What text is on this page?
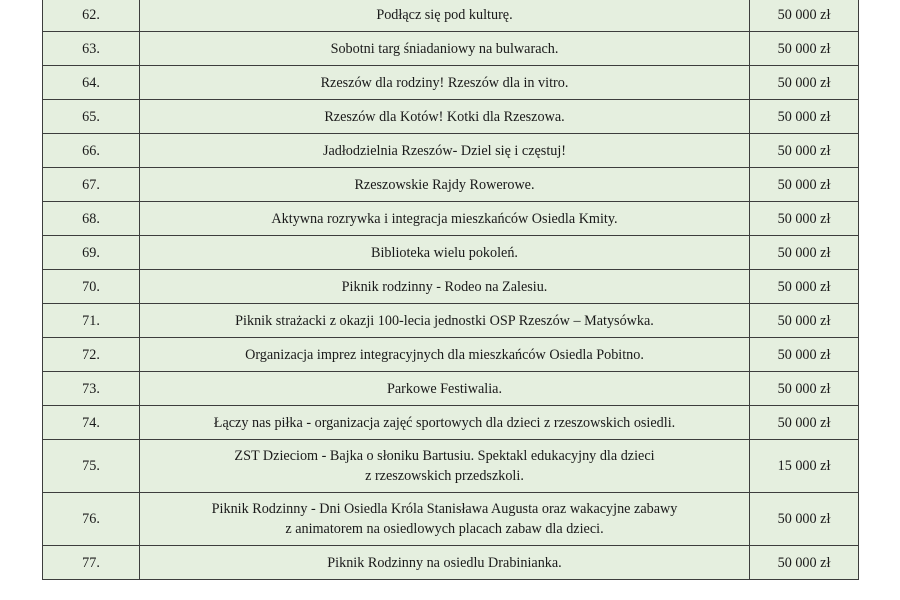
62.	Podłącz się pod kulturę.	50 000 zł
63.	Sobotni targ śniadaniowy na bulwarach.	50 000 zł
64.	Rzeszów dla rodziny! Rzeszów dla in vitro.	50 000 zł
65.	Rzeszów dla Kotów! Kotki dla Rzeszowa.	50 000 zł
66.	Jadłodzielnia Rzeszów- Dziel się i częstuj!	50 000 zł
67.	Rzeszowskie Rajdy Rowerowe.	50 000 zł
68.	Aktywna rozrywka i integracja mieszkańców Osiedla Kmity.	50 000 zł
69.	Biblioteka wielu pokoleń.	50 000 zł
70.	Piknik rodzinny - Rodeo na Zalesiu.	50 000 zł
71.	Piknik strażacki z okazji 100-lecia jednostki OSP Rzeszów – Matysówka.	50 000 zł
72.	Organizacja imprez integracyjnych dla mieszkańców Osiedla Pobitno.	50 000 zł
73.	Parkowe Festiwalia.	50 000 zł
74.	Łączy nas piłka - organizacja zajęć sportowych dla dzieci z rzeszowskich osiedli.	50 000 zł
75.	ZST Dzieciom - Bajka o słoniku Bartusiu. Spektakl edukacyjny dla dzieci
z rzeszowskich przedszkoli.	15 000 zł
76.	Piknik Rodzinny - Dni Osiedla Króla Stanisława Augusta oraz wakacyjne zabawy
z animatorem na osiedlowych placach zabaw dla dzieci.	50 000 zł
77.	Piknik Rodzinny na osiedlu Drabinianka.	50 000 zł
